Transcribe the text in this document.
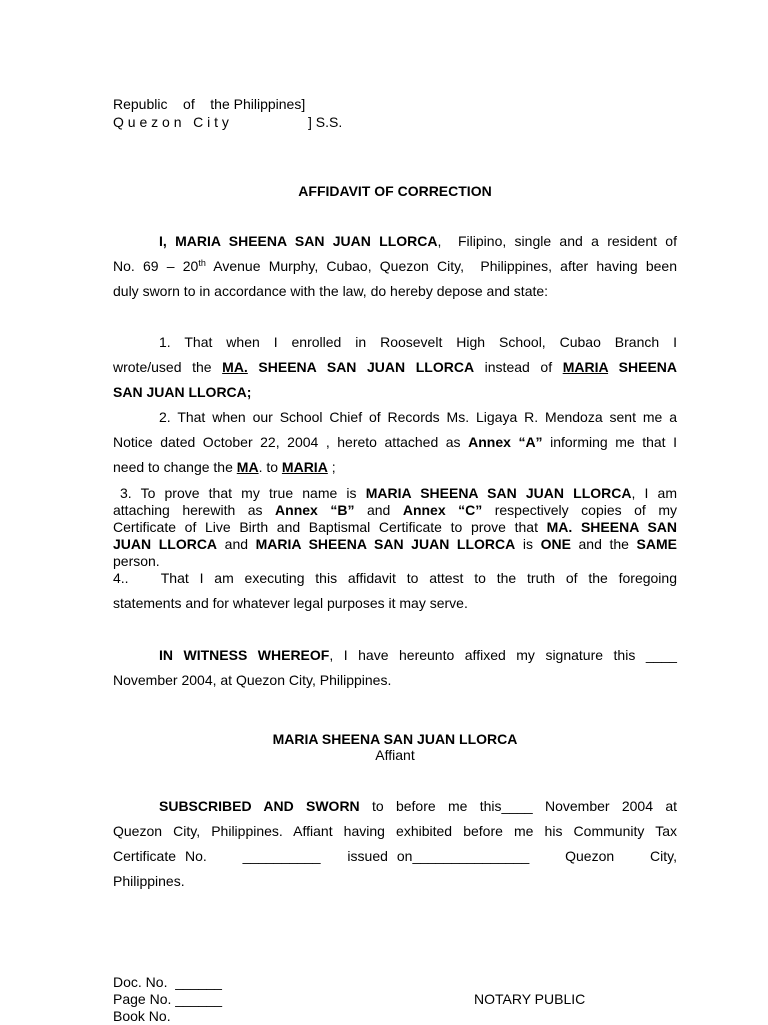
Republic    of    the Philippines]
Q u e z o n   C i t y	] S.S.
AFFIDAVIT OF CORRECTION
I, MARIA SHEENA SAN JUAN LLORCA,  Filipino, single and a resident of
No. 69 – 20th Avenue Murphy, Cubao, Quezon City,  Philippines, after having been
duly sworn to in accordance with the law, do hereby depose and state:
1. That when I enrolled in Roosevelt High School, Cubao Branch I
wrote/used the MA. SHEENA SAN JUAN LLORCA instead of MARIA SHEENA
SAN JUAN LLORCA;
2. That when our School Chief of Records Ms. Ligaya R. Mendoza sent me a
Notice dated October 22, 2004 , hereto attached as Annex “A” informing me that I
need to change the MA. to MARIA ;
3. To prove that my true name is MARIA SHEENA SAN JUAN LLORCA, I am
attaching herewith as Annex “B” and Annex “C” respectively copies of my
Certificate of Live Birth and Baptismal Certificate to prove that MA. SHEENA SAN
JUAN LLORCA and MARIA SHEENA SAN JUAN LLORCA is ONE and the SAME
person.
4..   That I am executing this affidavit to attest to the truth of the foregoing
statements and for whatever legal purposes it may serve.
IN WITNESS WHEREOF, I have hereunto affixed my signature this ____
November 2004, at Quezon City, Philippines.
MARIA SHEENA SAN JUAN LLORCA
Affiant
SUBSCRIBED AND SWORN to before me this____ November 2004 at
Quezon City, Philippines. Affiant having exhibited before me his Community Tax
Certificate No.    __________   issued on_______________    Quezon    City,
Philippines.
Doc. No.  ______
Page No. ______
Book No.
NOTARY PUBLIC
